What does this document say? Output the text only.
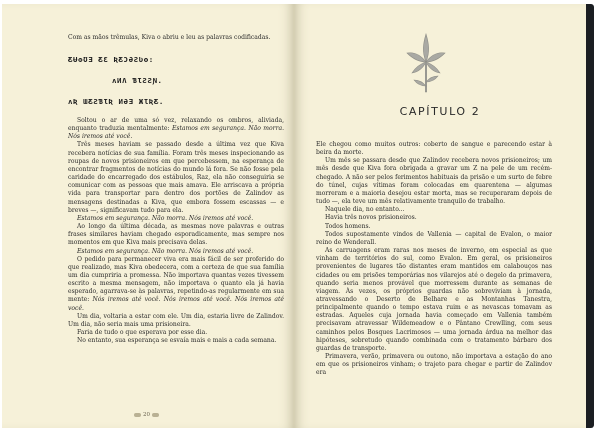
Com as mãos trêmulas, Kiva o abriu e leu as palavras codificadas.

ƸɄʘƱƎ ƸƐ ƦƸƆƏƧƲʘ:
ʌИɅ ƁƖƧƧƝ.
ʌƦ ƜƸƧƁƖƦ ИƏƎ ЖƖƦƸ.

Soltou o ar de uma só vez, relaxando os ombros, aliviada, enquanto traduzia mentalmente: Estamos em segurança. Não morra. Nós iremos até você.

Três meses haviam se passado desde a última vez que Kiva recebera notícias de sua família. Foram três meses inspecionando as roupas de novos prisioneiros em que percebessem, na esperança de encontrar fragmentos de notícias do mundo lá fora. Se não fosse pela caridade do encarregado dos estábulos, Raz, ela não conseguiria se comunicar com as pessoas que mais amava. Ele arriscava a própria vida para transportar para dentro dos portões de Zalindov as mensagens destinadas a Kiva, que embora fossem escassas — e breves —, significavam tudo para ela.

Estamos em segurança. Não morra. Nós iremos até você.

Ao longo da última década, as mesmas nove palavras e outras frases similares haviam chegado esporadicamente, mas sempre nos momentos em que Kiva mais precisava delas.

Estamos em segurança. Não morra. Nós iremos até você.

O pedido para permanecer viva era mais fácil de ser proferido do que realizado, mas Kiva obedecera, com a certeza de que sua família um dia cumpriria a promessa. Não importava quantas vezes tivessem escrito a mesma mensagem, não importava o quanto ela já havia esperado, agarrava-se às palavras, repetindo-as regularmente em sua mente: Nós iremos até você. Nós iremos até você. Nós iremos até você.

Um dia, voltaria a estar com ele. Um dia, estaria livre de Zalindov. Um dia, não seria mais uma prisioneira.

Faria de tudo o que esperava por esse dia.

No entanto, sua esperança se esvaía mais e mais a cada semana.

20
CAPÍTULO 2

Ele chegou como muitos outros: coberto de sangue e parecendo estar à beira da morte.

Um mês se passara desde que Zalindov recebera novos prisioneiros; um mês desde que Kiva fora obrigada a gravar um Z na pele de um recém-chegado. A não ser pelos ferimentos habituais da prisão e um surto de febre do túnel, cujas vítimas foram colocadas em quarentena — algumas morreram e a maioria desejou estar morta, mas se recuperaram depois de tudo —, ela teve um mês relativamente tranquilo de trabalho.

Naquele dia, no entanto...

Havia três novos prisioneiros.

Todos homens.

Todos supostamente vindos de Vallenia — capital de Evalon, o maior reino de Wenderall.

As carruagens eram raras nos meses de inverno, em especial as que vinham de territórios do sul, como Evalon. Em geral, os prisioneiros provenientes de lugares tão distantes eram mantidos em calabouços nas cidades ou em prisões temporárias nos vilarejos até o degelo da primavera, quando seria menos provável que morressem durante as semanas de viagem. Às vezes, os próprios guardas não sobreviviam à jornada, atravessando o Deserto de Belhare e as Montanhas Tanestra, principalmente quando o tempo estava ruim e as nevascas tomavam as estradas. Aqueles cuja jornada havia começado em Vallenia também precisavam atravessar Wildemeadow e o Pântano Crewlling, com seus caminhos pelos Bosques Lacrimosos — uma jornada árdua na melhor das hipóteses, sobretudo quando combinada com o tratamento bárbaro dos guardas de transporte.

Primavera, verão, primavera ou outono, não importava a estação do ano em que os prisioneiros vinham; o trajeto para chegar e partir de Zalindov era
